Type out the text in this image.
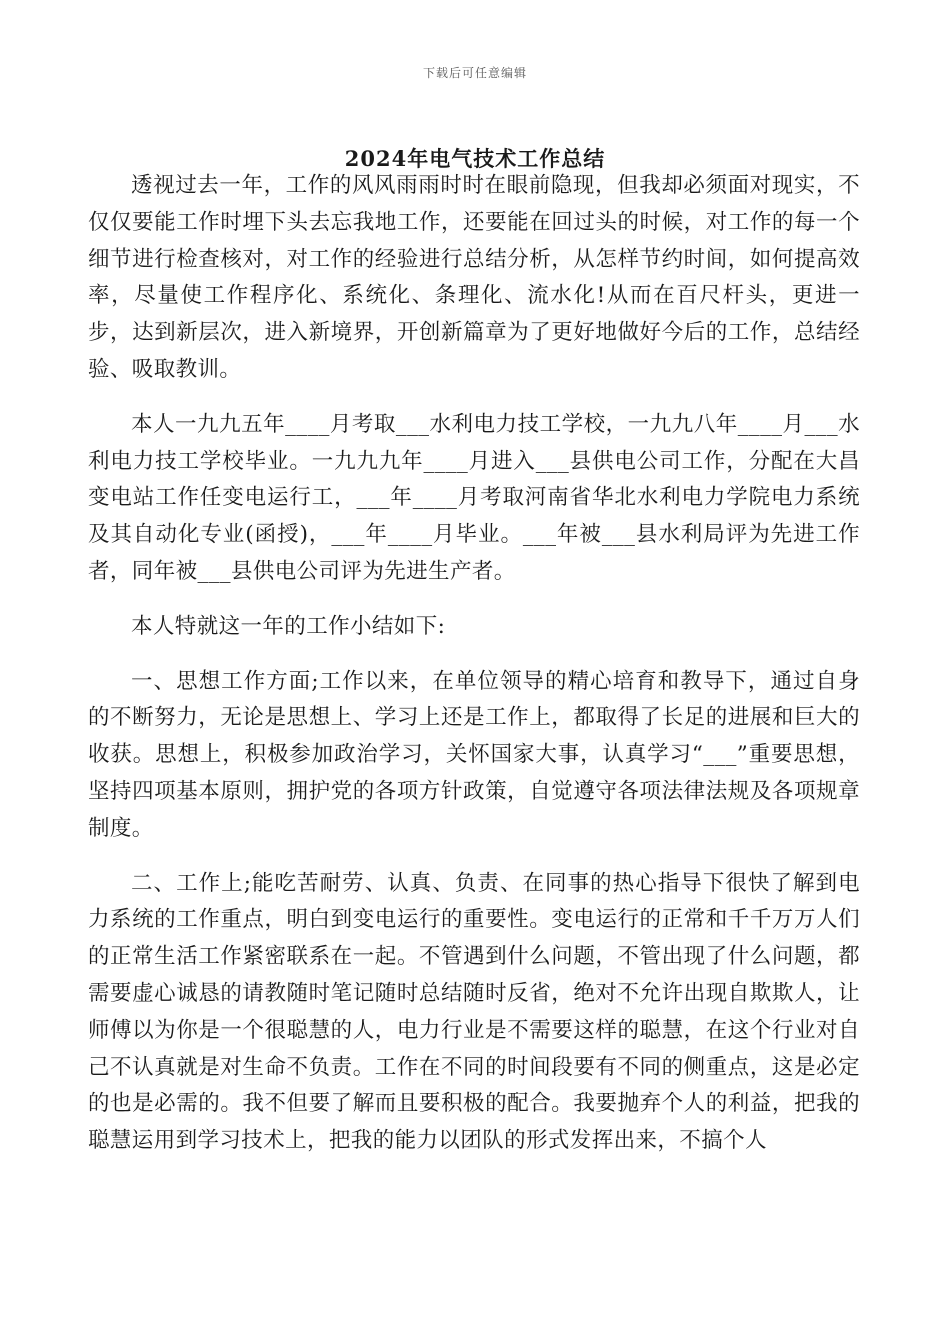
下载后可任意编辑
2024年电气技术工作总结

透视过去一年，工作的风风雨雨时时在眼前隐现，但我却必须面对现实，不仅仅要能工作时埋下头去忘我地工作，还要能在回过头的时候，对工作的每一个细节进行检查核对，对工作的经验进行总结分析，从怎样节约时间，如何提高效率，尽量使工作程序化、系统化、条理化、流水化!从而在百尺杆头，更进一步，达到新层次，进入新境界，开创新篇章为了更好地做好今后的工作，总结经验、吸取教训。

本人一九九五年____月考取___水利电力技工学校，一九九八年____月___水利电力技工学校毕业。一九九九年____月进入___县供电公司工作，分配在大昌变电站工作任变电运行工，___年____月考取河南省华北水利电力学院电力系统及其自动化专业(函授)，___年____月毕业。___年被___县水利局评为先进工作者，同年被___县供电公司评为先进生产者。

本人特就这一年的工作小结如下:

一、思想工作方面;工作以来，在单位领导的精心培育和教导下，通过自身的不断努力，无论是思想上、学习上还是工作上，都取得了长足的进展和巨大的收获。思想上，积极参加政治学习，关怀国家大事，认真学习“___”重要思想，坚持四项基本原则，拥护党的各项方针政策，自觉遵守各项法律法规及各项规章制度。

二、工作上;能吃苦耐劳、认真、负责、在同事的热心指导下很快了解到电力系统的工作重点，明白到变电运行的重要性。变电运行的正常和千千万万人们的正常生活工作紧密联系在一起。不管遇到什么问题，不管出现了什么问题，都需要虚心诚恳的请教随时笔记随时总结随时反省，绝对不允许出现自欺欺人，让师傅以为你是一个很聪慧的人，电力行业是不需要这样的聪慧，在这个行业对自己不认真就是对生命不负责。工作在不同的时间段要有不同的侧重点，这是必定的也是必需的。我不但要了解而且要积极的配合。我要抛弃个人的利益，把我的聪慧运用到学习技术上，把我的能力以团队的形式发挥出来，不搞个人
